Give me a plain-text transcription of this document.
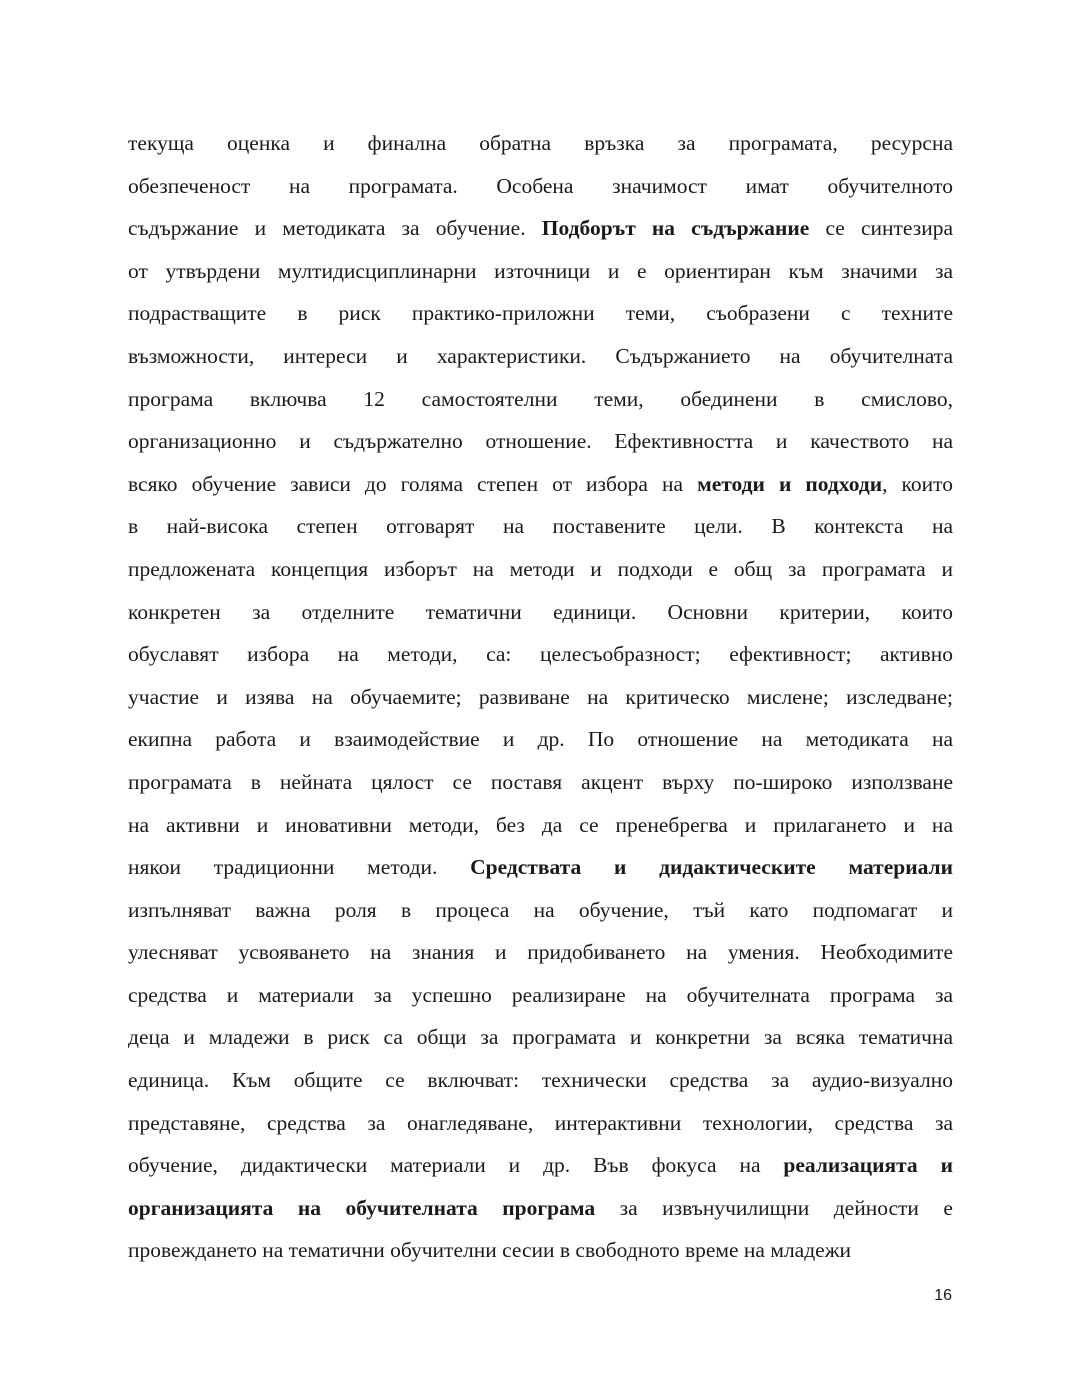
текуща оценка и финална обратна връзка за програмата, ресурсна
обезпеченост на програмата. Особена значимост имат обучителното
съдържание и методиката за обучение. Подборът на съдържание се синтезира
от утвърдени мултидисциплинарни източници и е ориентиран към значими за
подрастващите в риск практико-приложни теми, съобразени с техните
възможности, интереси и характеристики. Съдържанието на обучителната
програма включва 12 самостоятелни теми, обединени в смислово,
организационно и съдържателно отношение. Ефективността и качеството на
всяко обучение зависи до голяма степен от избора на методи и подходи, които
в най-висока степен отговарят на поставените цели. В контекста на
предложената концепция изборът на методи и подходи е общ за програмата и
конкретен за отделните тематични единици. Основни критерии, които
обуславят избора на методи, са: целесъобразност; ефективност; активно
участие и изява на обучаемите; развиване на критическо мислене; изследване;
екипна работа и взаимодействие и др. По отношение на методиката на
програмата в нейната цялост се поставя акцент върху по-широко използване
на активни и иновативни методи, без да се пренебрегва и прилагането и на
някои традиционни методи. Средствата и дидактическите материали
изпълняват важна роля в процеса на обучение, тъй като подпомагат и
улесняват усвояването на знания и придобиването на умения. Необходимите
средства и материали за успешно реализиране на обучителната програма за
деца и младежи в риск са общи за програмата и конкретни за всяка тематична
единица. Към общите се включват: технически средства за аудио-визуално
представяне, средства за онагледяване, интерактивни технологии, средства за
обучение, дидактически материали и др. Във фокуса на реализацията и
организацията на обучителната програма за извънучилищни дейности е
провеждането на тематични обучителни сесии в свободното време на младежи
16
